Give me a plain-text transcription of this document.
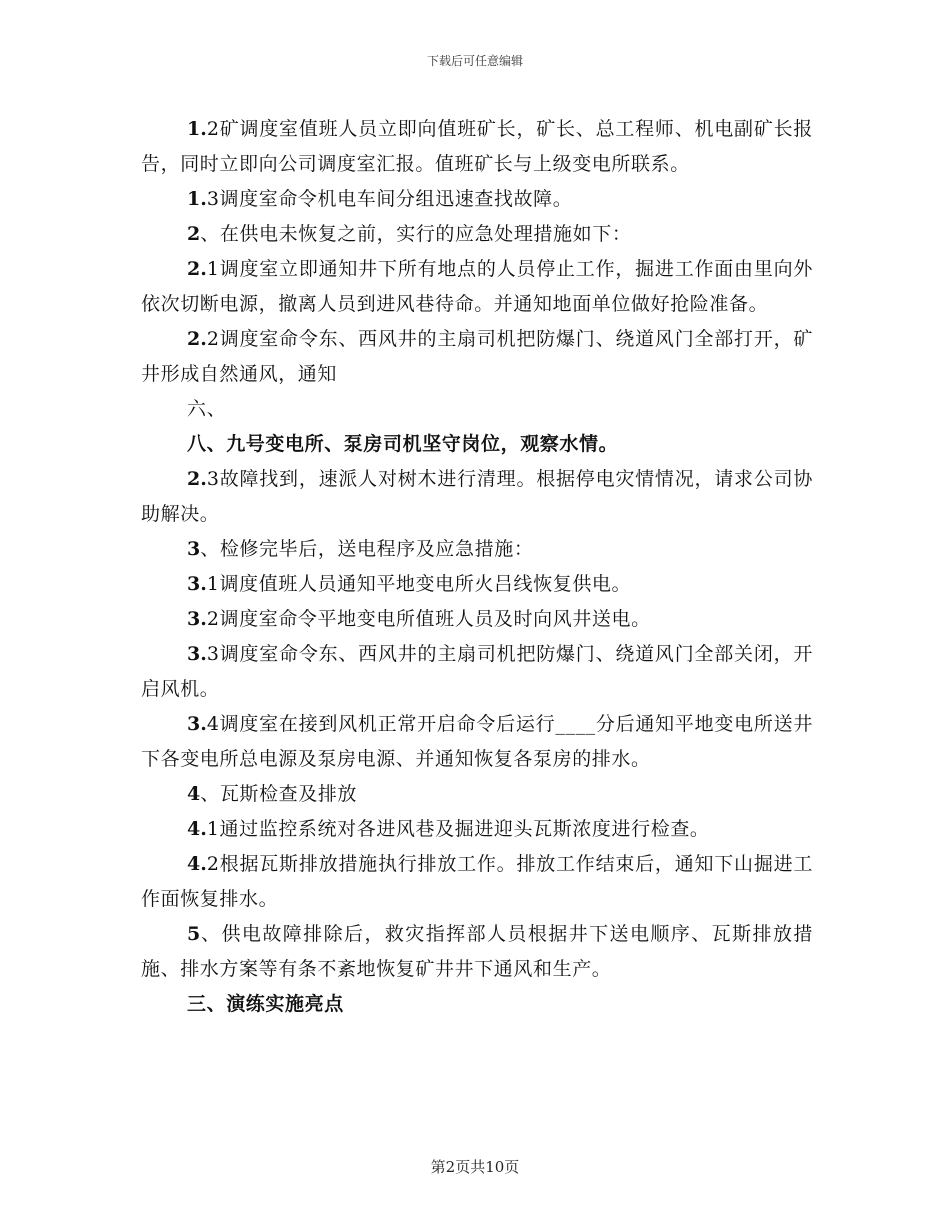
下载后可任意编辑

1.2矿调度室值班人员立即向值班矿长，矿长、总工程师、机电副矿长报告，同时立即向公司调度室汇报。值班矿长与上级变电所联系。

1.3调度室命令机电车间分组迅速查找故障。

2、在供电未恢复之前，实行的应急处理措施如下：

2.1调度室立即通知井下所有地点的人员停止工作，掘进工作面由里向外依次切断电源，撤离人员到进风巷待命。并通知地面单位做好抢险准备。

2.2调度室命令东、西风井的主扇司机把防爆门、绕道风门全部打开，矿井形成自然通风，通知

六、

八、九号变电所、泵房司机坚守岗位，观察水情。

2.3故障找到，速派人对树木进行清理。根据停电灾情情况，请求公司协助解决。

3、检修完毕后，送电程序及应急措施：

3.1调度值班人员通知平地变电所火吕线恢复供电。

3.2调度室命令平地变电所值班人员及时向风井送电。

3.3调度室命令东、西风井的主扇司机把防爆门、绕道风门全部关闭，开启风机。

3.4调度室在接到风机正常开启命令后运行____分后通知平地变电所送井下各变电所总电源及泵房电源、并通知恢复各泵房的排水。

4、瓦斯检查及排放

4.1通过监控系统对各进风巷及掘进迎头瓦斯浓度进行检查。

4.2根据瓦斯排放措施执行排放工作。排放工作结束后，通知下山掘进工作面恢复排水。

5、供电故障排除后，救灾指挥部人员根据井下送电顺序、瓦斯排放措施、排水方案等有条不紊地恢复矿井井下通风和生产。

三、演练实施亮点

第2页共10页
